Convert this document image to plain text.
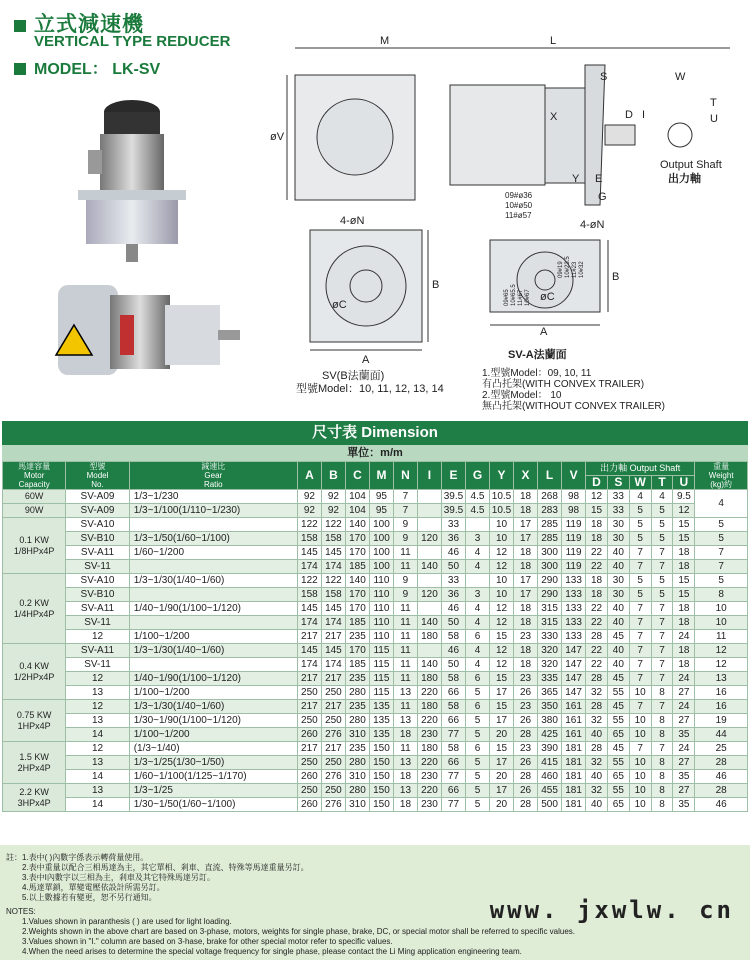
立式減速機
VERTICAL TYPE REDUCER
MODEL： LK-SV
M	L
S	W
øV
X	D I	U
T
Y E
G
Output Shaft
出力軸
4-øN
B
A
øC
SV(B法蘭面)
型號Model：10, 11, 12, 13, 14
09#ø36
10#ø50
11#ø57
4-øN
B
A
øC
SV-A法蘭面
1.型號Model：09, 10, 11
有凸托架(WITH CONVEX TRAILER)
2.型號Model： 10
無凸托架(WITHOUT CONVEX TRAILER)
09#19 10#23.5 11#23 10#32
09#65 10#65.5 11#67 10#67
尺寸表 Dimension
單位：m/m
馬達容量
Motor
Capacity	型號
Model
No.	減速比
Gear
Ratio	A	B	C	M	N	I	E	G	Y	X	L	V	出力軸 Output Shaft					重量
Weight
(kg)約
															D	S	W	T	U	
60W	SV-A09	1/3~1/230	92	92	104	95	7		39.5	4.5	10.5	18	268	98	12	33	4	4	9.5	4
90W	SV-A09	1/3~1/100(1/110~1/230)	92	92	104	95	7		39.5	4.5	10.5	18	283	98	15	33	5	5	12	
0.1 KW 1/8HPx4P	SV-A10		122	122	140	100	9		33		10	17	285	119	18	30	5	5	15	5
	SV-B10	1/3~1/50(1/60~1/100)	158	158	170	100	9	120	36	3	10	17	285	119	18	30	5	5	15	5
	SV-A11	1/60~1/200	145	145	170	100	11		46	4	12	18	300	119	22	40	7	7	18	7
	SV-11		174	174	185	100	11	140	50	4	12	18	300	119	22	40	7	7	18	7
0.2 KW 1/4HPx4P	SV-A10	1/3~1/30(1/40~1/60)	122	122	140	110	9		33		10	17	290	133	18	30	5	5	15	5
	SV-B10		158	158	170	110	9	120	36	3	10	17	290	133	18	30	5	5	15	8
	SV-A11	1/40~1/90(1/100~1/120)	145	145	170	110	11		46	4	12	18	315	133	22	40	7	7	18	10
	SV-11		174	174	185	110	11	140	50	4	12	18	315	133	22	40	7	7	18	10
	12	1/100~1/200	217	217	235	110	11	180	58	6	15	23	330	133	28	45	7	7	24	11
0.4 KW 1/2HPx4P	SV-A11	1/3~1/30(1/40~1/60)	145	145	170	115	11		46	4	12	18	320	147	22	40	7	7	18	12
	SV-11		174	174	185	115	11	140	50	4	12	18	320	147	22	40	7	7	18	12
	12	1/40~1/90(1/100~1/120)	217	217	235	115	11	180	58	6	15	23	335	147	28	45	7	7	24	13
	13	1/100~1/200	250	250	280	115	13	220	66	5	17	26	365	147	32	55	10	8	27	16
0.75 KW 1HPx4P	12	1/3~1/30(1/40~1/60)	217	217	235	135	11	180	58	6	15	23	350	161	28	45	7	7	24	16
	13	1/30~1/90(1/100~1/120)	250	250	280	135	13	220	66	5	17	26	380	161	32	55	10	8	27	19
	14	1/100~1/200	260	276	310	135	18	230	77	5	20	28	425	161	40	65	10	8	35	44
1.5 KW 2HPx4P	12	(1/3~1/40)	217	217	235	150	11	180	58	6	15	23	390	181	28	45	7	7	24	25
	13	1/3~1/25(1/30~1/50)	250	250	280	150	13	220	66	5	17	26	415	181	32	55	10	8	27	28
	14	1/60~1/100(1/125~1/170)	260	276	310	150	18	230	77	5	20	28	460	181	40	65	10	8	35	46
2.2 KW 3HPx4P	13	1/3~1/25	250	250	280	150	13	220	66	5	17	26	455	181	32	55	10	8	27	28
	14	1/30~1/50(1/60~1/100)	260	276	310	150	18	230	77	5	20	28	500	181	40	65	10	8	35	46

註：1.表中( )內數字係表示轉荷量使用。

2.表中重量以配合三相馬達為主，其它單相、剎車、直流、特殊等馬達重量另訂。

3.表中I內數字以三相為主，剎車及其它特殊馬達另訂。

4.馬達單鎖，單變電壓依設計所需另訂。

5.以上數據若有變更，恕不另行通知。

NOTES:

1.Values shown in paranthesis ( ) are used for light loading.

2.Weights shown in the above chart are based on 3-phase, motors, weights for single phase, brake, DC, or special motor shall be referred to specific values.

3.Values shown in "I." column are based on 3-hase, brake for other special motor refer to specific values.

4.When the need arises to determine the special voltage frequency for single phase, please contact the Li Ming application engineering team.

www. jxwlw. cn
